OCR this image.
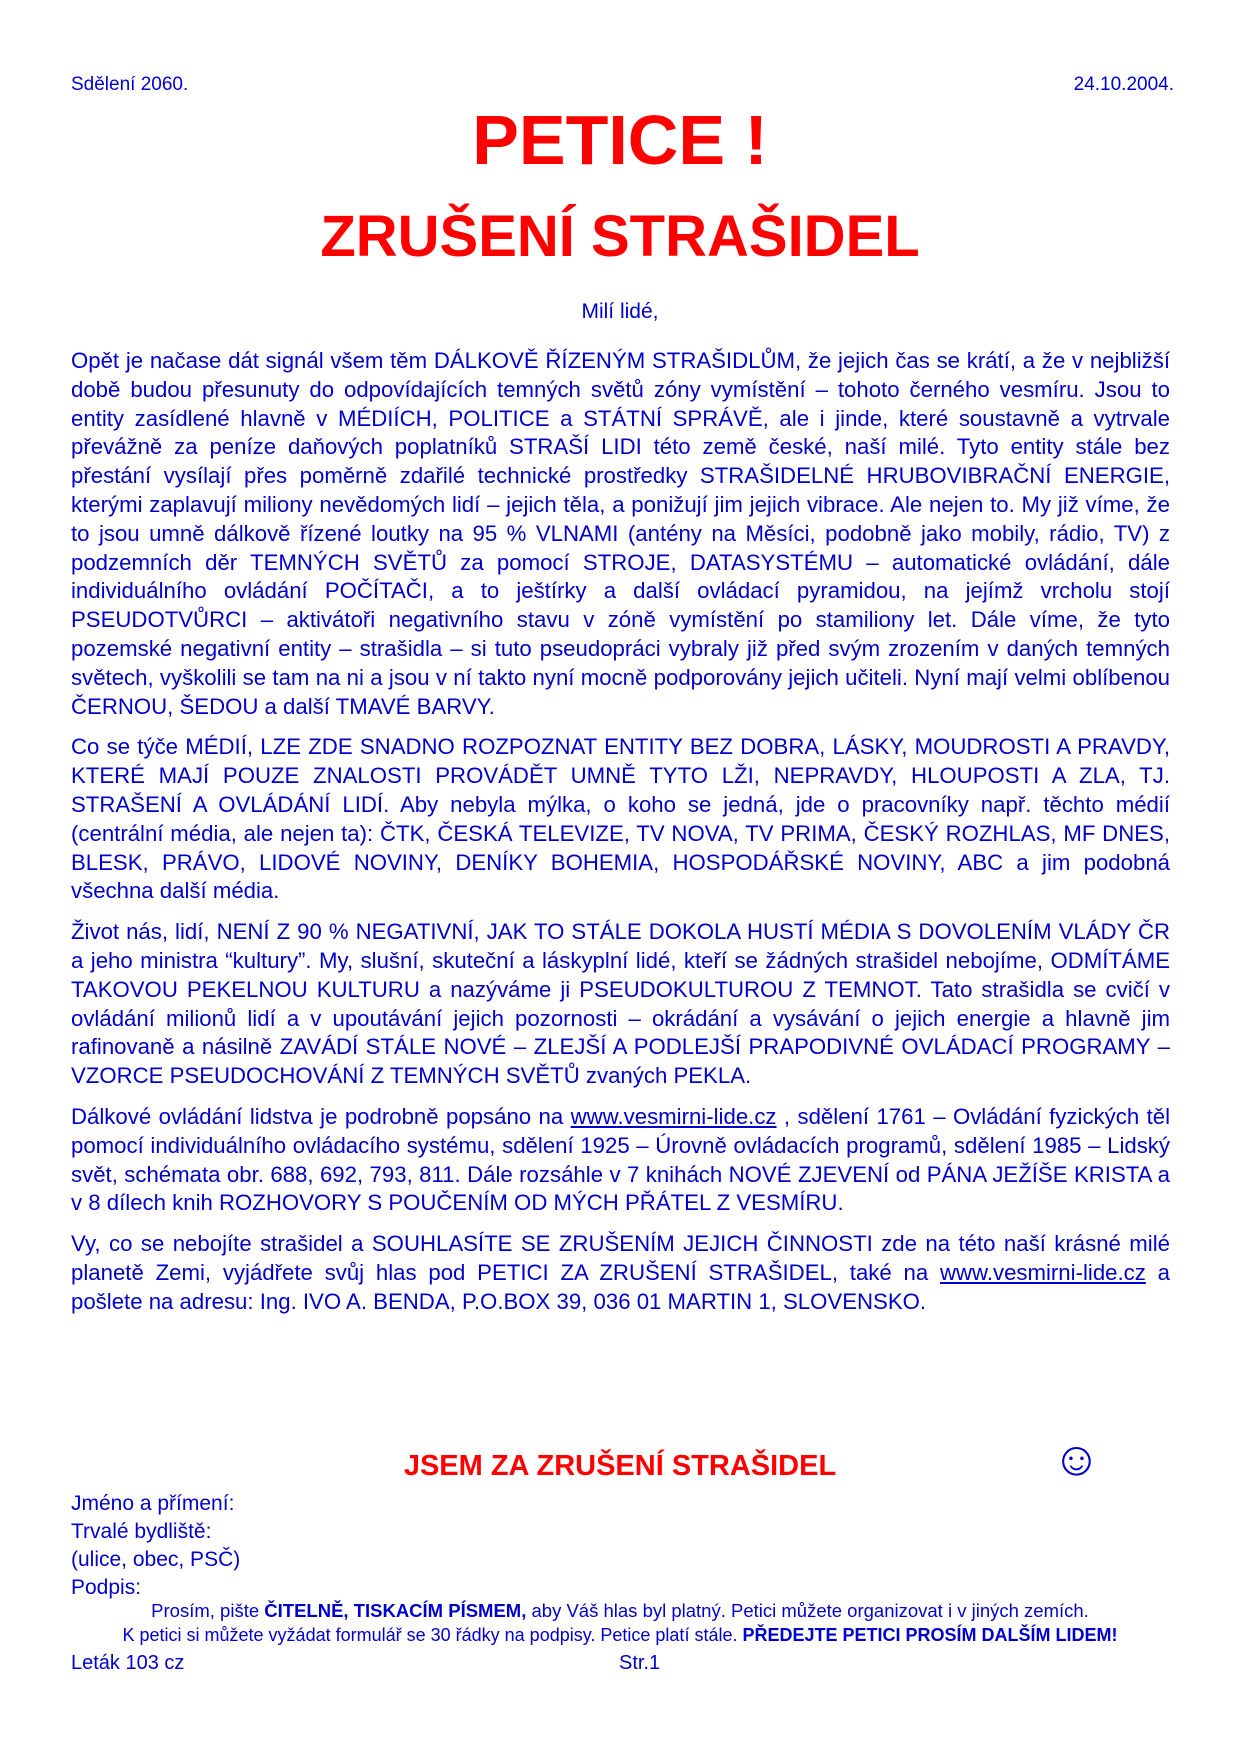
Sdělení 2060.	24.10.2004.
PETICE !
ZRUŠENÍ STRAŠIDEL
Milí lidé,

Opět je načase dát signál všem těm DÁLKOVĚ ŘÍZENÝM STRAŠIDLŮM, že jejich čas se krátí, a že v nejbližší době budou přesunuty do odpovídajících temných světů zóny vymístění – tohoto černého vesmíru. Jsou to entity zasídlené hlavně v MÉDIÍCH, POLITICE a STÁTNÍ SPRÁVĚ, ale i jinde, které soustavně a vytrvale převážně za peníze daňových poplatníků STRAŠÍ LIDI této země české, naší milé. Tyto entity stále bez přestání vysílají přes poměrně zdařilé technické prostředky STRAŠIDELNÉ HRUBOVIBRAČNÍ ENERGIE, kterými zaplavují miliony nevědomých lidí – jejich těla, a ponižují jim jejich vibrace. Ale nejen to. My již víme, že to jsou umně dálkově řízené loutky na 95 % VLNAMI (antény na Měsíci, podobně jako mobily, rádio, TV) z podzemních děr TEMNÝCH SVĚTŮ za pomocí STROJE, DATASYSTÉMU – automatické ovládání, dále individuálního ovládání POČÍTAČI, a to ještírky a další ovládací pyramidou, na jejímž vrcholu stojí PSEUDOTVŮRCI – aktivátoři negativního stavu v zóně vymístění po stamiliony let. Dále víme, že tyto pozemské negativní entity – strašidla – si tuto pseudopráci vybraly již před svým zrozením v daných temných světech, vyškolili se tam na ni a jsou v ní takto nyní mocně podporovány jejich učiteli. Nyní mají velmi oblíbenou ČERNOU, ŠEDOU a další TMAVÉ BARVY.

Co se týče MÉDIÍ, LZE ZDE SNADNO ROZPOZNAT ENTITY BEZ DOBRA, LÁSKY, MOUDROSTI A PRAVDY, KTERÉ MAJÍ POUZE ZNALOSTI PROVÁDĚT UMNĚ TYTO LŽI, NEPRAVDY, HLOUPOSTI A ZLA, TJ. STRAŠENÍ A OVLÁDÁNÍ LIDÍ. Aby nebyla mýlka, o koho se jedná, jde o pracovníky např. těchto médií (centrální média, ale nejen ta): ČTK, ČESKÁ TELEVIZE, TV NOVA, TV PRIMA, ČESKÝ ROZHLAS, MF DNES, BLESK, PRÁVO, LIDOVÉ NOVINY, DENÍKY BOHEMIA, HOSPODÁŘSKÉ NOVINY, ABC a jim podobná všechna další média.

Život nás, lidí, NENÍ Z 90 % NEGATIVNÍ, JAK TO STÁLE DOKOLA HUSTÍ MÉDIA S DOVOLENÍM VLÁDY ČR a jeho ministra “kultury”. My, slušní, skuteční a láskyplní lidé, kteří se žádných strašidel nebojíme, ODMÍTÁME TAKOVOU PEKELNOU KULTURU a nazýváme ji PSEUDOKULTUROU Z TEMNOT. Tato strašidla se cvičí v ovládání milionů lidí a v upoutávání jejich pozornosti – okrádání a vysávání o jejich energie a hlavně jim rafinovaně a násilně ZAVÁDÍ STÁLE NOVÉ – ZLEJŠÍ A PODLEJŠÍ PRAPODIVNÉ OVLÁDACÍ PROGRAMY – VZORCE PSEUDOCHOVÁNÍ Z TEMNÝCH SVĚTŮ zvaných PEKLA.

Dálkové ovládání lidstva je podrobně popsáno na www.vesmirni-lide.cz , sdělení 1761 – Ovládání fyzických těl pomocí individuálního ovládacího systému, sdělení 1925 – Úrovně ovládacích programů, sdělení 1985 – Lidský svět, schémata obr. 688, 692, 793, 811. Dále rozsáhle v 7 knihách NOVÉ ZJEVENÍ od PÁNA JEŽÍŠE KRISTA a v 8 dílech knih ROZHOVORY S POUČENÍM OD MÝCH PŘÁTEL Z VESMÍRU.

Vy, co se nebojíte strašidel a SOUHLASÍTE SE ZRUŠENÍM JEJICH ČINNOSTI zde na této naší krásné milé planetě Zemi, vyjádřete svůj hlas pod PETICI ZA ZRUŠENÍ STRAŠIDEL, také na www.vesmirni-lide.cz a pošlete na adresu: Ing. IVO A. BENDA, P.O.BOX 39, 036 01 MARTIN 1, SLOVENSKO.

JSEM ZA ZRUŠENÍ STRAŠIDEL	☺
Jméno a přímení:
Trvalé bydliště:
(ulice, obec, PSČ)
Podpis:
Prosím, pište ČITELNĚ, TISKACÍM PÍSMEM, aby Váš hlas byl platný. Petici můžete organizovat i v jiných zemích.
K petici si můžete vyžádat formulář se 30 řádky na podpisy. Petice platí stále. PŘEDEJTE PETICI PROSÍM DALŠÍM LIDEM!
Leták 103 cz	Str.1
